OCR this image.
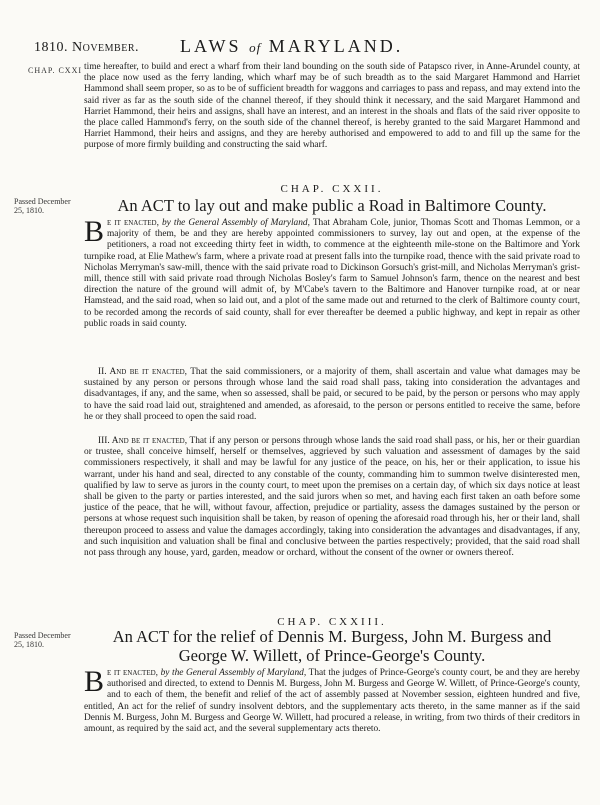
1810. November. LAWS of MARYLAND.
CHAP. CXXI time hereafter, to build and erect a wharf from their land bounding on the south side of Patapsco river, in Anne-Arundel county, at the place now used as the ferry landing, which wharf may be of such breadth as to the said Margaret Hammond and Harriet Hammond shall seem proper, so as to be of sufficient breadth for waggons and carriages to pass and repass, and may extend into the said river as far as the south side of the channel thereof, if they should think it necessary, and the said Margaret Hammond and Harriet Hammond, their heirs and assigns, shall have an interest, and an interest in the shoals and flats of the said river opposite to the place called Hammond's ferry, on the south side of the channel thereof, is hereby granted to the said Margaret Hammond and Harriet Hammond, their heirs and assigns, and they are hereby authorised and empowered to add to and fill up the same for the purpose of more firmly building and constructing the said wharf.
CHAP. CXXII.
Passed December 25, 1810.	An ACT to lay out and make public a Road in Baltimore County.
Be it enacted, by the General Assembly of Maryland, That Abraham Cole, junior, Thomas Scott and Thomas Lemmon, or a majority of them, be and they are hereby appointed commissioners to survey, lay out and open, at the expense of the petitioners, a road not exceeding thirty feet in width, to commence at the eighteenth mile-stone on the Baltimore and York turnpike road, at Elie Mathew's farm, where a private road at present falls into the turnpike road, thence with the said private road to Nicholas Merryman's saw-mill, thence with the said private road to Dickinson Gorsuch's grist-mill, and Nicholas Merryman's grist-mill, thence still with said private road through Nicholas Bosley's farm to Samuel Johnson's farm, thence on the nearest and best direction the nature of the ground will admit of, by M'Cabe's tavern to the Baltimore and Hanover turnpike road, at or near Hamstead, and the said road, when so laid out, and a plot of the same made out and returned to the clerk of Baltimore county court, to be recorded among the records of said county, shall for ever thereafter be deemed a public highway, and kept in repair as other public roads in said county.
II. And be it enacted, That the said commissioners, or a majority of them, shall ascertain and value what damages may be sustained by any person or persons through whose land the said road shall pass, taking into consideration the advantages and disadvantages, if any, and the same, when so assessed, shall be paid, or secured to be paid, by the person or persons who may apply to have the said road laid out, straightened and amended, as aforesaid, to the person or persons entitled to receive the same, before he or they shall proceed to open the said road.
III. And be it enacted, That if any person or persons through whose lands the said road shall pass, or his, her or their guardian or trustee, shall conceive himself, herself or themselves, aggrieved by such valuation and assessment of damages by the said commissioners respectively, it shall and may be lawful for any justice of the peace, on his, her or their application, to issue his warrant, under his hand and seal, directed to any constable of the county, commanding him to summon twelve disinterested men, qualified by law to serve as jurors in the county court, to meet upon the premises on a certain day, of which six days notice at least shall be given to the party or parties interested, and the said jurors when so met, and having each first taken an oath before some justice of the peace, that he will, without favour, affection, prejudice or partiality, assess the damages sustained by the person or persons at whose request such inquisition shall be taken, by reason of opening the aforesaid road through his, her or their land, shall thereupon proceed to assess and value the damages accordingly, taking into consideration the advantages and disadvantages, if any, and such inquisition and valuation shall be final and conclusive between the parties respectively; provided, that the said road shall not pass through any house, yard, garden, meadow or orchard, without the consent of the owner or owners thereof.
CHAP. CXXIII.
Passed December 25, 1810.	An ACT for the relief of Dennis M. Burgess, John M. Burgess and
George W. Willett, of Prince-George's County.
Be it enacted, by the General Assembly of Maryland, That the judges of Prince-George's county court, be and they are hereby authorised and directed, to extend to Dennis M. Burgess, John M. Burgess and George W. Willett, of Prince-George's county, and to each of them, the benefit and relief of the act of assembly passed at November session, eighteen hundred and five, entitled, An act for the relief of sundry insolvent debtors, and the supplementary acts thereto, in the same manner as if the said Dennis M. Burgess, John M. Burgess and George W. Willett, had procured a release, in writing, from two thirds of their creditors in amount, as required by the said act, and the several supplementary acts thereto.
